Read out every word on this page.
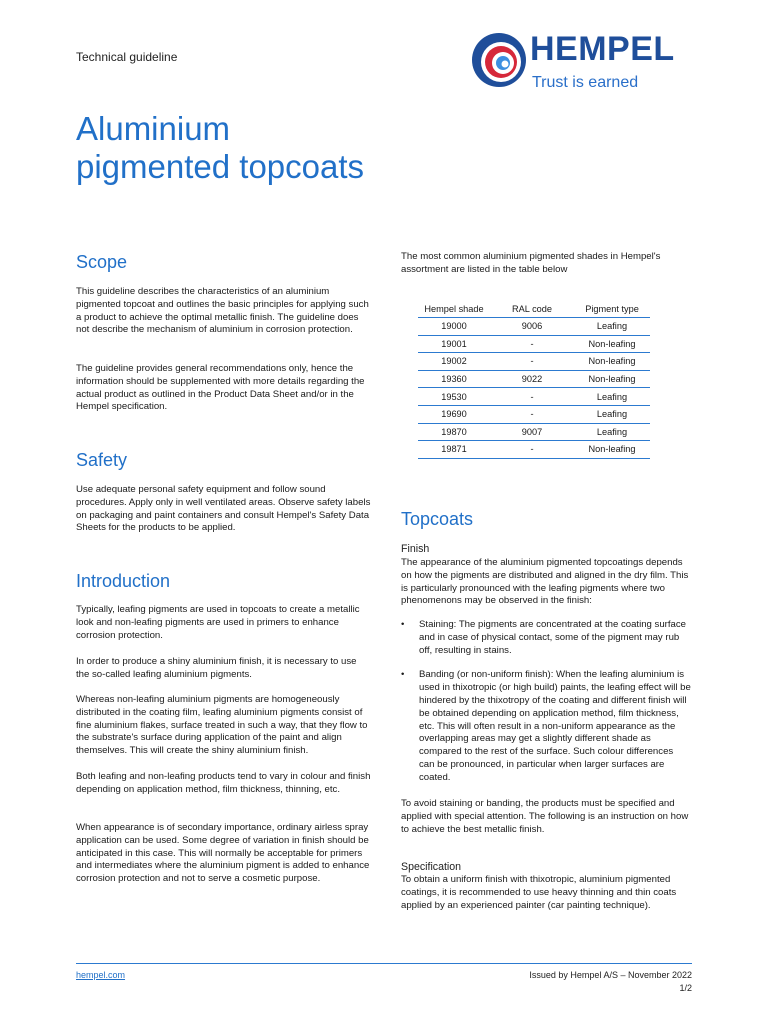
Technical guideline	HEMPEL
Trust is earned
Aluminium
pigmented topcoats
Scope

This guideline describes the characteristics of an aluminium pigmented topcoat and outlines the basic principles for applying such a product to achieve the optimal metallic finish. The guideline does not describe the mechanism of aluminium in corrosion protection.

The guideline provides general recommendations only, hence the information should be supplemented with more details regarding the actual product as outlined in the Product Data Sheet and/or in the Hempel specification.

Safety

Use adequate personal safety equipment and follow sound procedures. Apply only in well ventilated areas. Observe safety labels on packaging and paint containers and consult Hempel's Safety Data Sheets for the products to be applied.

Introduction

Typically, leafing pigments are used in topcoats to create a metallic look and non-leafing pigments are used in primers to enhance corrosion protection.

In order to produce a shiny aluminium finish, it is necessary to use the so-called leafing aluminium pigments.

Whereas non-leafing aluminium pigments are homogeneously distributed in the coating film, leafing aluminium pigments consist of fine aluminium flakes, surface treated in such a way, that they flow to the substrate's surface during application of the paint and align themselves. This will create the shiny aluminium finish.

Both leafing and non-leafing products tend to vary in colour and finish depending on application method, film thickness, thinning, etc.

When appearance is of secondary importance, ordinary airless spray application can be used. Some degree of variation in finish should be anticipated in this case. This will normally be acceptable for primers and intermediates where the aluminium pigment is added to enhance corrosion protection and not to serve a cosmetic purpose.

The most common aluminium pigmented shades in Hempel's assortment are listed in the table below

Hempel shade	RAL code	Pigment type
19000	9006	Leafing
19001	-	Non-leafing
19002	-	Non-leafing
19360	9022	Non-leafing
19530	-	Leafing
19690	-	Leafing
19870	9007	Leafing
19871	-	Non-leafing
Topcoats
Finish

The appearance of the aluminium pigmented topcoatings depends on how the pigments are distributed and aligned in the dry film. This is particularly pronounced with the leafing pigments where two phenomenons may be observed in the finish:

• Staining: The pigments are concentrated at the coating surface and in case of physical contact, some of the pigment may rub off, resulting in stains.
• Banding (or non-uniform finish): When the leafing aluminium is used in thixotropic (or high build) paints, the leafing effect will be hindered by the thixotropy of the coating and different finish will be obtained depending on application method, film thickness, etc. This will often result in a non-uniform appearance as the overlapping areas may get a slightly different shade as compared to the rest of the surface. Such colour differences can be pronounced, in particular when larger surfaces are coated.

To avoid staining or banding, the products must be specified and applied with special attention. The following is an instruction on how to achieve the best metallic finish.

Specification

To obtain a uniform finish with thixotropic, aluminium pigmented coatings, it is recommended to use heavy thinning and thin coats applied by an experienced painter (car painting technique).

hempel.com	Issued by Hempel A/S – November 2022
1/2
